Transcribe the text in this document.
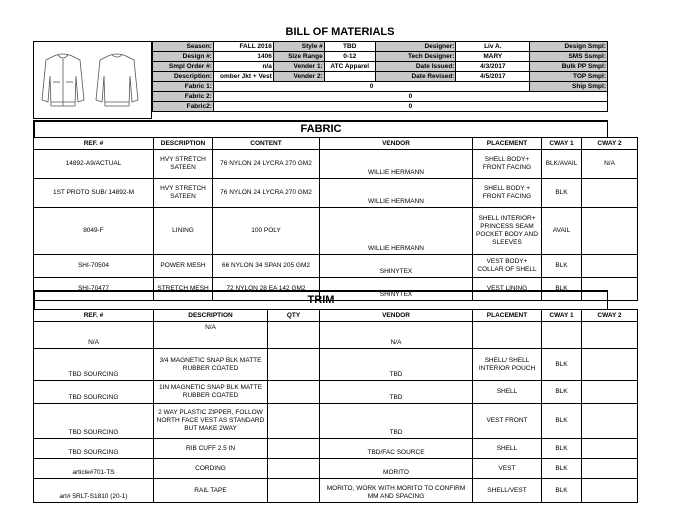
BILL OF MATERIALS
Season:	FALL 2016	Style #	TBD	Designer:	Liv A.	Design Smpl:
Design #:	1406	Size Range	0-12	Tech Designer:	MARY	SMS Ssmpl:
Smpl Order #:	n/a	Vender 1:	ATC Apparel	Date Issued:	4/3/2017	Bulk PP Smpl:
Description:	omber Jkt + Vest	Vender 2:		Date Revised:	4/5/2017	TOP Smpl:
Fabric 1:	0					Ship Smpl:
Fabric 2:	0					
Fabric2:	0					
FABRIC
REF. #	DESCRIPTION	CONTENT	VENDOR	PLACEMENT	CWAY 1	CWAY 2
14892-A9/ACTUAL	HVY STRETCH SATEEN	76 NYLON 24 LYCRA 270 GM2	WILLIE HERMANN	SHELL BODY+ FRONT FACING	BLK/AVAIL	N/A
1ST PROTO SUB/ 14892-M	HVY STRETCH SATEEN	76 NYLON 24 LYCRA 270 GM2	WILLIE HERMANN	SHELL BODY + FRONT FACING	BLK	
8049-F	LINING	100 POLY	WILLIE HERMANN	SHELL INTERIOR+ PRINCESS SEAM POCKET BODY AND SLEEVES	AVAIL	
SHI-70504	POWER MESH	66 NYLON 34 SPAN 205 GM2	SHINYTEX	VEST BODY+ COLLAR OF SHELL	BLK	
SHI-70477	STRETCH MESH	72 NYLON 28 EA 142 GM2	SHINYTEX	VEST LINING	BLK	
TRIM
REF. #	DESCRIPTION	QTY	VENDOR	PLACEMENT	CWAY 1	CWAY 2
N/A	N/A		N/A			
TBD SOURCING	3/4 MAGNETIC SNAP BLK MATTE RUBBER COATED		TBD	SHELL/ SHELL INTERIOR POUCH	BLK	
TBD SOURCING	1IN MAGNETIC SNAP BLK MATTE RUBBER COATED		TBD	SHELL	BLK	
TBD SOURCING	2 WAY PLASTIC ZIPPER, FOLLOW NORTH FACE VEST AS STANDARD BUT MAKE 2WAY		TBD	VEST FRONT	BLK	
TBD SOURCING	RIB CUFF 2.5 IN		TBD/FAC SOURCE	SHELL	BLK	
article#701-TS	CORDING		MORITO	VEST	BLK	
art# 5RLT-S1810 (20-1)	RAIL TAPE		MORITO, WORK WITH MORITO TO CONFIRM MM AND SPACING	SHELL/VEST	BLK	
